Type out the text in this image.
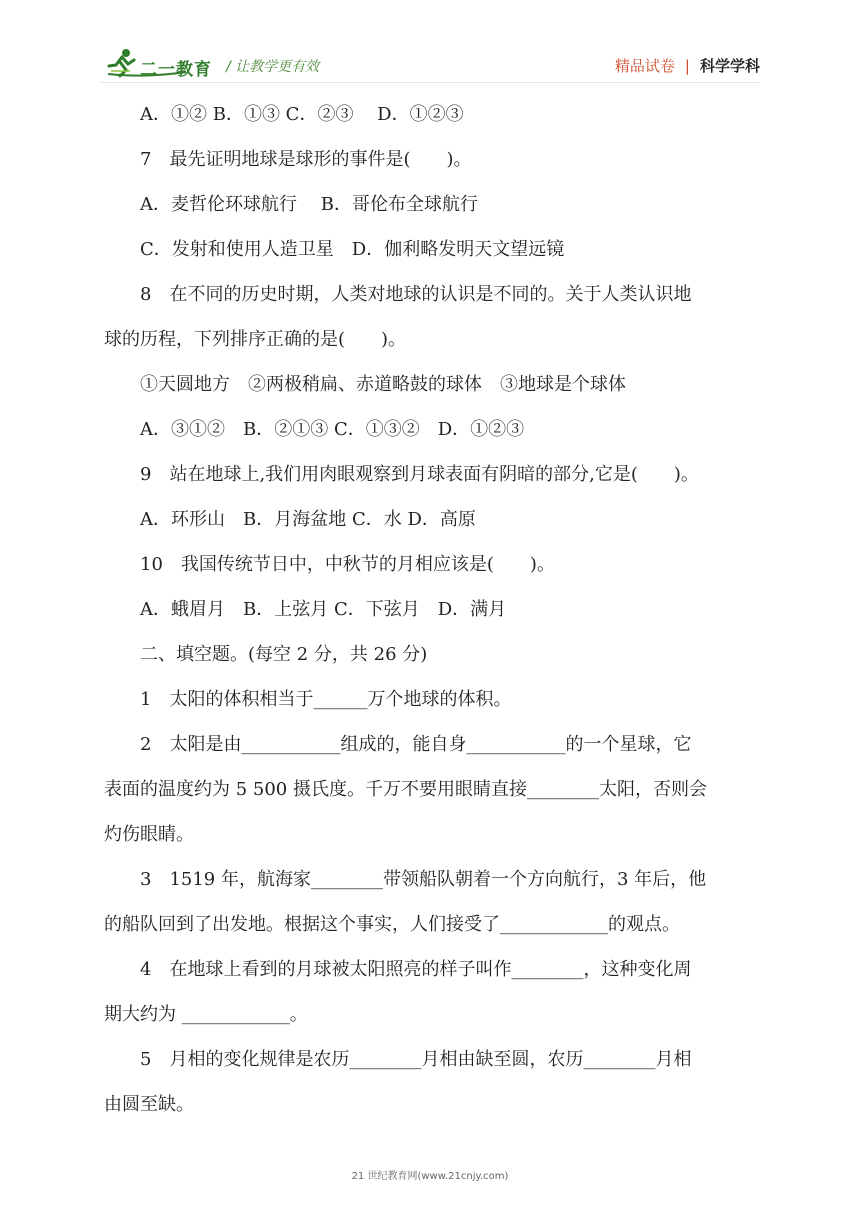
二一教育 / 让教学更有效	精品试卷 | 科学学科

A．①② B．①③ C．②③　 D．①②③

7　最先证明地球是球形的事件是(　　)。

A．麦哲伦环球航行　 B．哥伦布全球航行

C．发射和使用人造卫星　D．伽利略发明天文望远镜

8　在不同的历史时期，人类对地球的认识是不同的。关于人类认识地

球的历程，下列排序正确的是(　　)。

①天圆地方　②两极稍扁、赤道略鼓的球体　③地球是个球体

A．③①②　B．②①③ C．①③②　D．①②③

9　站在地球上,我们用肉眼观察到月球表面有阴暗的部分,它是(　　)。

A．环形山　B．月海盆地 C．水 D．高原

10　我国传统节日中，中秋节的月相应该是(　　)。

A．蛾眉月　B．上弦月 C．下弦月　D．满月

二、填空题。(每空 2 分，共 26 分)

1　太阳的体积相当于______万个地球的体积。

2　太阳是由___________组成的，能自身___________的一个星球，它

表面的温度约为 5 500 摄氏度。千万不要用眼睛直接________太阳，否则会

灼伤眼睛。

3　1519 年，航海家________带领船队朝着一个方向航行，3 年后，他

的船队回到了出发地。根据这个事实，人们接受了____________的观点。

4　在地球上看到的月球被太阳照亮的样子叫作________，这种变化周

期大约为 ____________。

5　月相的变化规律是农历________月相由缺至圆，农历________月相

由圆至缺。

21 世纪教育网(www.21cnjy.com)
